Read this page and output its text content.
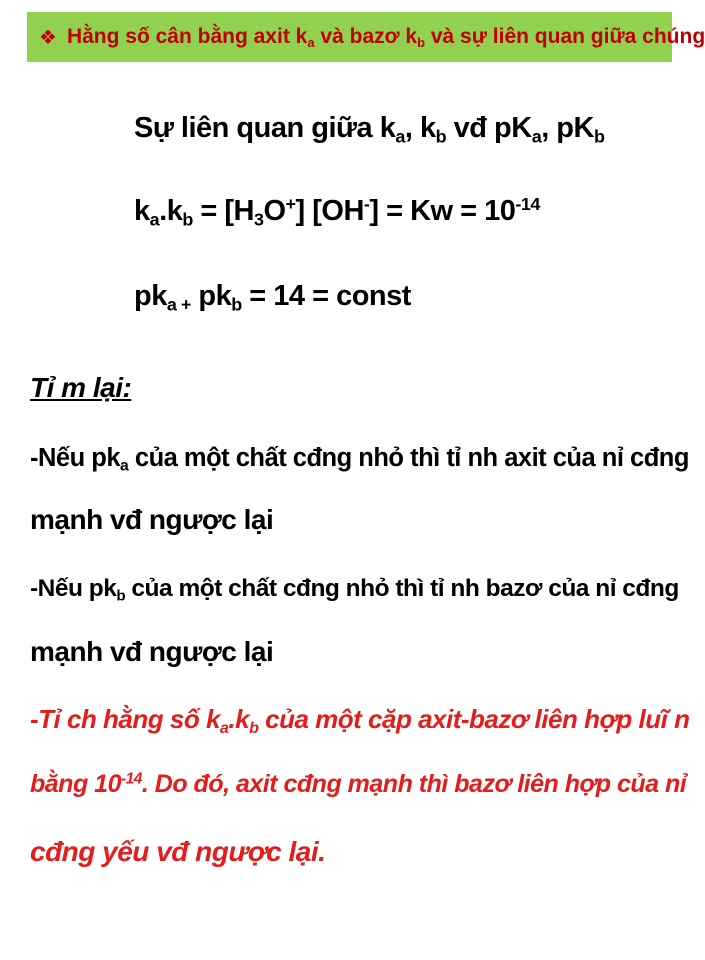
❖ Hằng số cân bằng axit $k_a$ và bazơ $k_b$ và sự liên quan giữa chúng
Sự liên quan giữa $k_a$, $k_b$ vđ $pK_a$, $pK_b$
$k_a.k_b = [H_3O^+] [OH^-] = Kw = 10^{-14}$
$pk_{a +}$ $pk_b = 14$ = const
Tỉ m lại:
-Nếu $pk_a$ của một chất cđng nhỏ thì tỉ nh axit của nỉ cđng
mạnh vđ ngược lại
-Nếu $pk_b$ của một chất cđng nhỏ thì tỉ nh bazơ của nỉ cđng
mạnh vđ ngược lại
-Tỉ ch hằng số $k_a.k_b$ của một cặp axit-bazơ liên hợp luĩ n
bằng $10^{-14}$. Do đó, axit cđng mạnh thì bazơ liên hợp của nỉ
cđng yếu vđ ngược lại.
